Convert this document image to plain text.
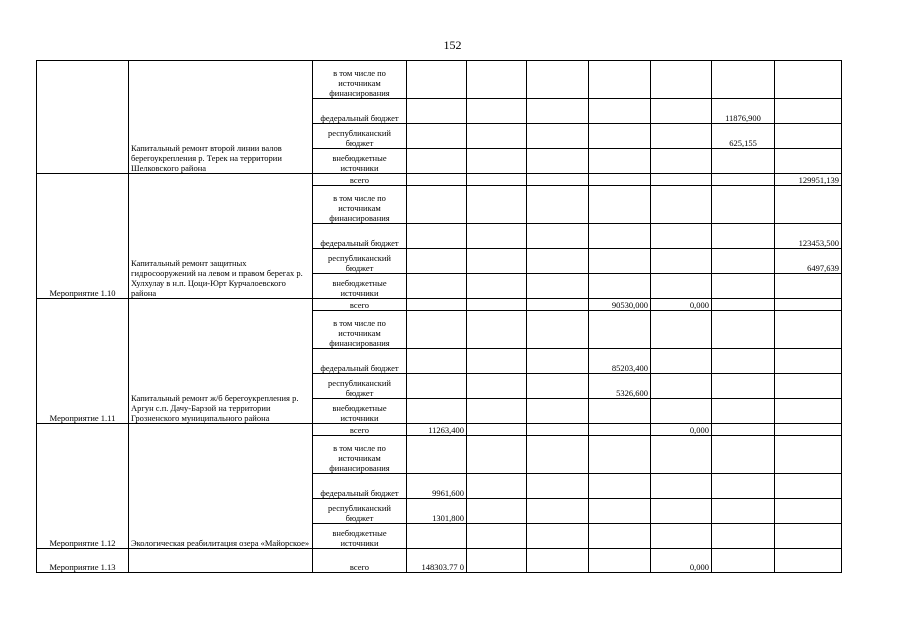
152
	Капитальный ремонт второй линии валов берегоукрепления р. Терек на территории Шелковского района	в том числе по источникам финансирования							
		федеральный бюджет						11876,900	
		республиканский бюджет						625,155	
		внебюджетные источники							
Мероприятие 1.10	Капитальный ремонт защитных гидросооружений на левом и правом берегах р. Хулхулау в н.п. Цоци-Юрт Курчалоевского района	всего							129951,139
		в том числе по источникам финансирования							
		федеральный бюджет							123453,500
		республиканский бюджет							6497,639
		внебюджетные источники							
Мероприятие 1.11	Капитальный ремонт ж/б берегоукрепления р. Аргун с.п. Дачу-Барзой на территории Грозненского муниципального района	всего				90530,000	0,000		
		в том числе по источникам финансирования							
		федеральный бюджет				85203,400			
		республиканский бюджет				5326,600			
		внебюджетные источники							
Мероприятие 1.12	Экологическая реабилитация озера «Майорское»	всего	11263,400				0,000		
		в том числе по источникам финансирования							
		федеральный бюджет	9961,600						
		республиканский бюджет	1301,800						
		внебюджетные источники							
Мероприятие 1.13		всего	148303.77 0				0,000		
